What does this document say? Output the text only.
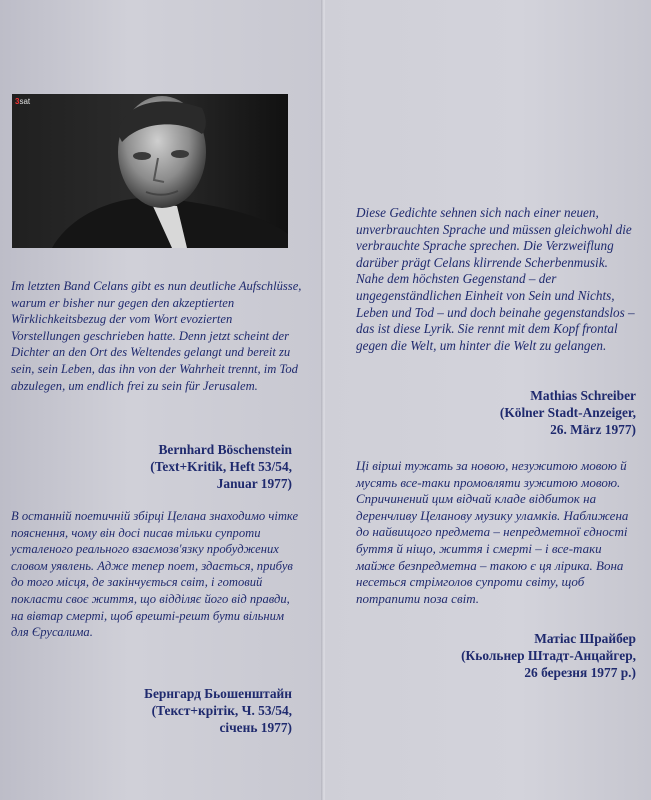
3sat

Im letzten Band Celans gibt es nun deutliche Aufschlüsse, warum er bisher nur gegen den akzeptierten Wirklichkeitsbezug der vom Wort evozierten Vorstellungen geschrieben hatte. Denn jetzt scheint der Dichter an den Ort des Weltendes gelangt und bereit zu sein, sein Leben, das ihn von der Wahrheit trennt, im Tod abzulegen, um endlich frei zu sein für Jerusalem.

Bernhard Böschenstein
(Text+Kritik, Heft 53/54,
Januar 1977)

В останній поетичній збірці Целана знаходимо чітке пояснення, чому він досі писав тільки супроти усталеного реального взаємозв'язку пробуджених словом уявлень. Адже тепер поет, здається, прибув до того місця, де закінчується світ, і готовий покласти своє життя, що відділяє його від правди, на вівтар смерті, щоб врешті-решт бути вільним для Єрусалима.

Бернгард Бьошенштайн
(Текст+крітік, Ч. 53/54,
січень 1977)

Diese Gedichte sehnen sich nach einer neuen, unverbrauchten Sprache und müssen gleichwohl die verbrauchte Sprache sprechen. Die Verzweiflung darüber prägt Celans klirrende Scherbenmusik. Nahe dem höchsten Gegenstand – der ungegenständlichen Einheit von Sein und Nichts, Leben und Tod – und doch beinahe gegenstandslos – das ist diese Lyrik. Sie rennt mit dem Kopf frontal gegen die Welt, um hinter die Welt zu gelangen.

Mathias Schreiber
(Kölner Stadt-Anzeiger,
26. März 1977)

Ці вірші тужать за новою, незужитою мовою й мусять все-таки промовляти зужитою мовою. Спричинений цим відчай кладе відбиток на деренчливу Целанову музику уламків. Наближена до найвищого предмета – непредметної єдності буття й ніщо, життя і смерті – і все-таки майже безпредметна – такою є ця лірика. Вона несеться стрімголов супроти світу, щоб потрапити поза світ.

Матіас Шрайбер
(Кьольнер Штадт-Анцайгер,
26 березня 1977 р.)
